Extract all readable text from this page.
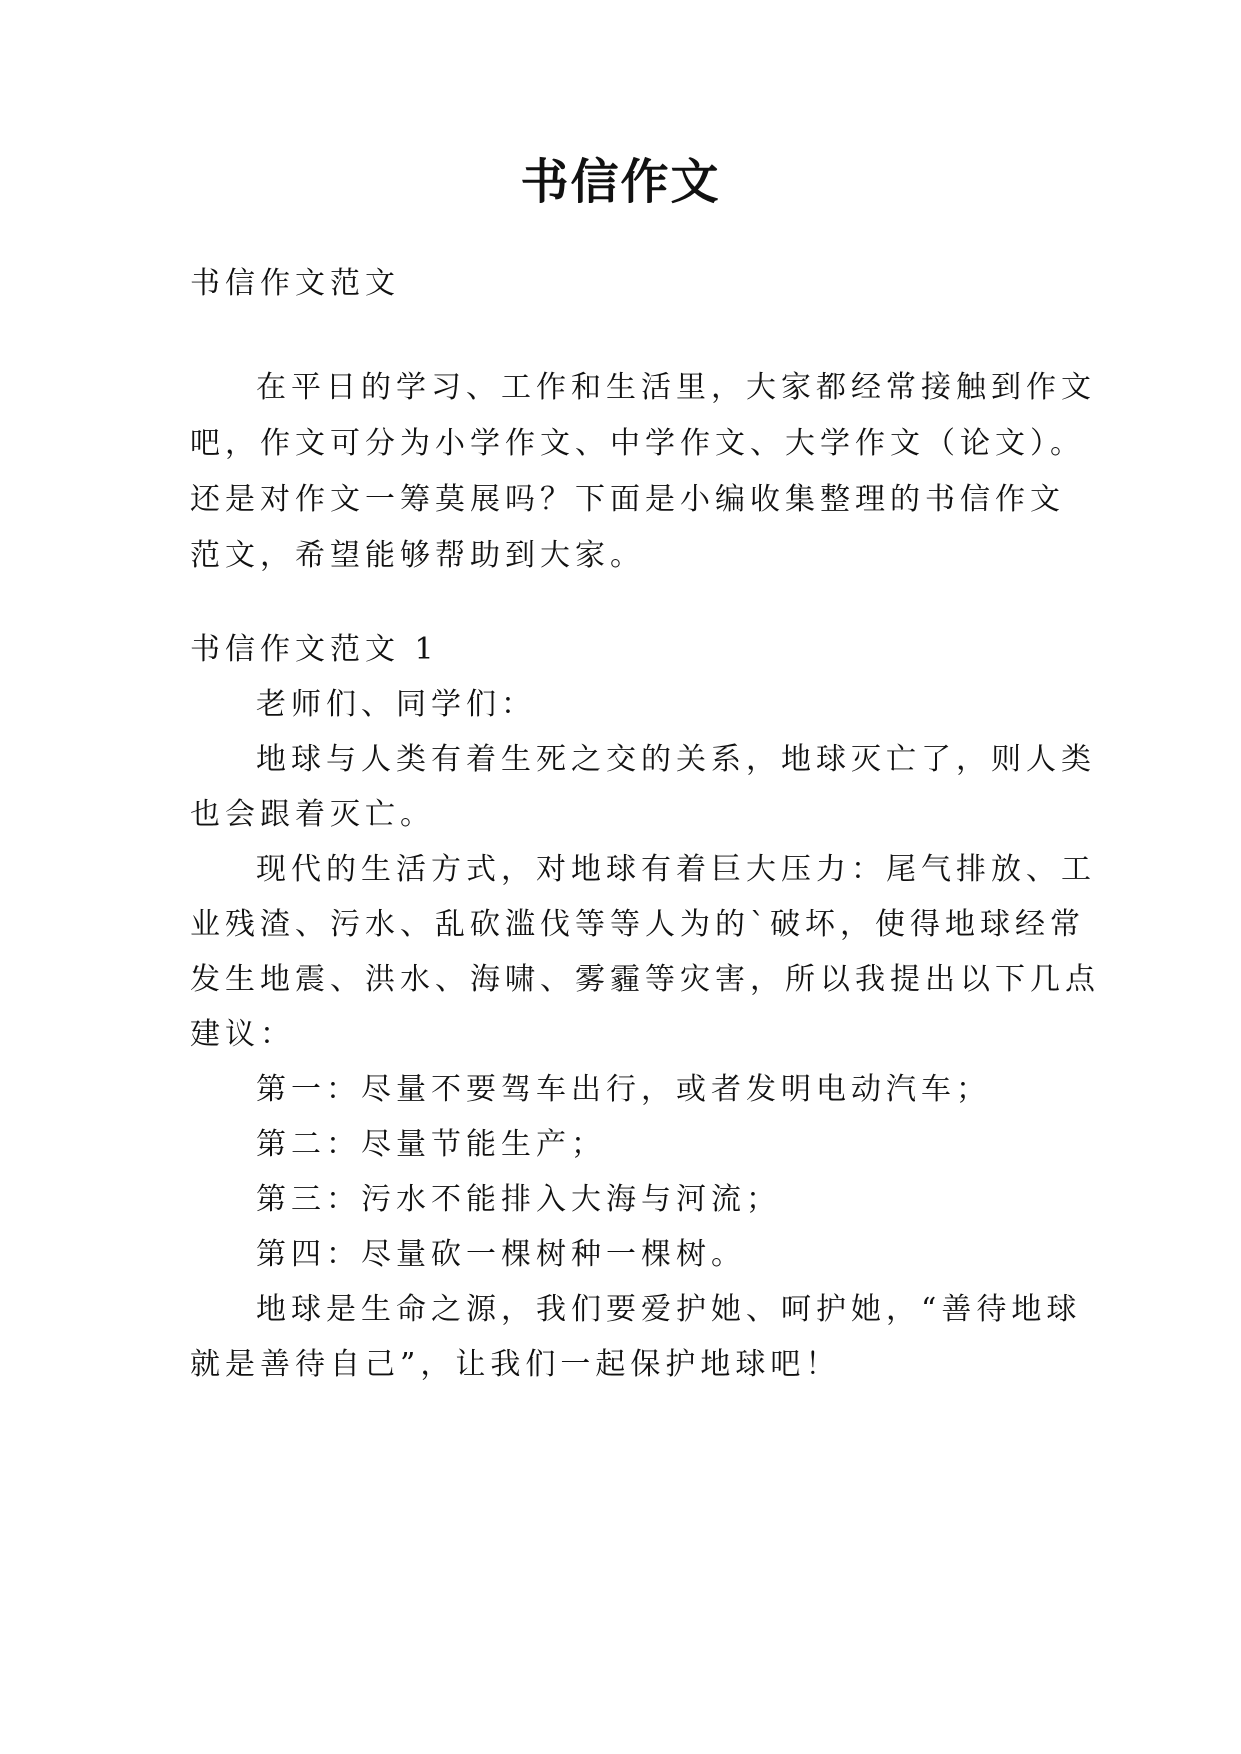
书信作文

书信作文范文

在平日的学习、工作和生活里，大家都经常接触到作文

吧，作文可分为小学作文、中学作文、大学作文（论文）。

还是对作文一筹莫展吗？下面是小编收集整理的书信作文

范文，希望能够帮助到大家。

书信作文范文 1

老师们、同学们：

地球与人类有着生死之交的关系，地球灭亡了，则人类

也会跟着灭亡。

现代的生活方式，对地球有着巨大压力：尾气排放、工

业残渣、污水、乱砍滥伐等等人为的`破坏，使得地球经常

发生地震、洪水、海啸、雾霾等灾害，所以我提出以下几点

建议：

第一：尽量不要驾车出行，或者发明电动汽车；

第二：尽量节能生产；

第三：污水不能排入大海与河流；

第四：尽量砍一棵树种一棵树。

地球是生命之源，我们要爱护她、呵护她，“善待地球

就是善待自己”，让我们一起保护地球吧！
